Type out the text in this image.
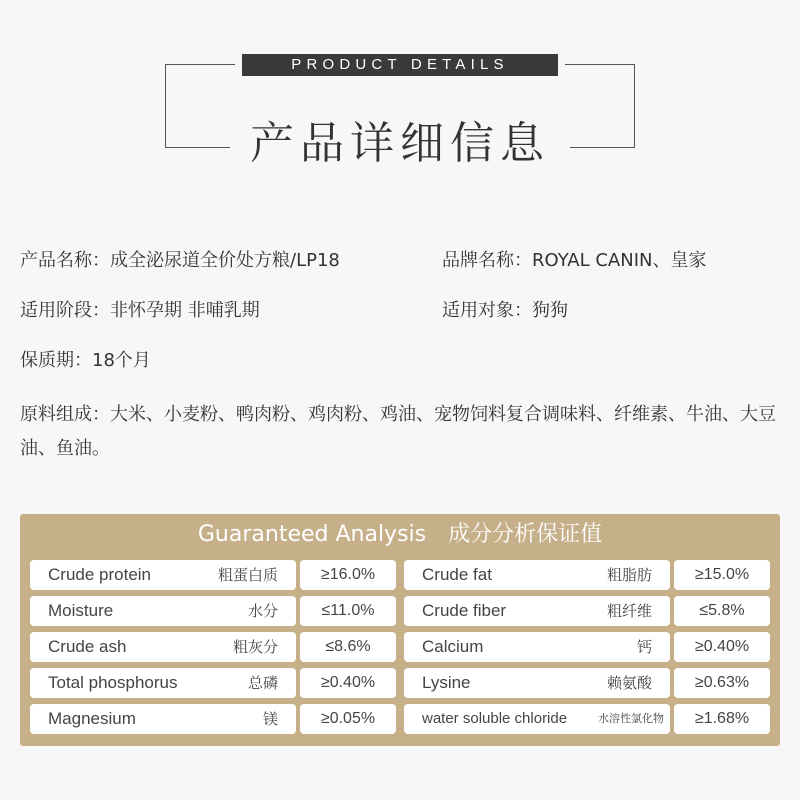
PRODUCT DETAILS
产品详细信息
产品名称：成全泌尿道全价处方粮/LP18	品牌名称：ROYAL CANIN、皇家
适用阶段：非怀孕期 非哺乳期	适用对象：狗狗
保质期：18个月
原料组成：大米、小麦粉、鸭肉粉、鸡肉粉、鸡油、宠物饲料复合调味料、纤维素、牛油、大豆油、鱼油。
Guaranteed Analysis　成分分析保证值
Crude protein	粗蛋白质	≥16.0%
Moisture	水分	≤11.0%
Crude ash	粗灰分	≤8.6%
Total phosphorus	总磷	≥0.40%
Magnesium	镁	≥0.05%
Crude fat	粗脂肪	≥15.0%
Crude fiber	粗纤维	≤5.8%
Calcium	钙	≥0.40%
Lysine	赖氨酸	≥0.63%
water soluble chloride	水溶性氯化物	≥1.68%
